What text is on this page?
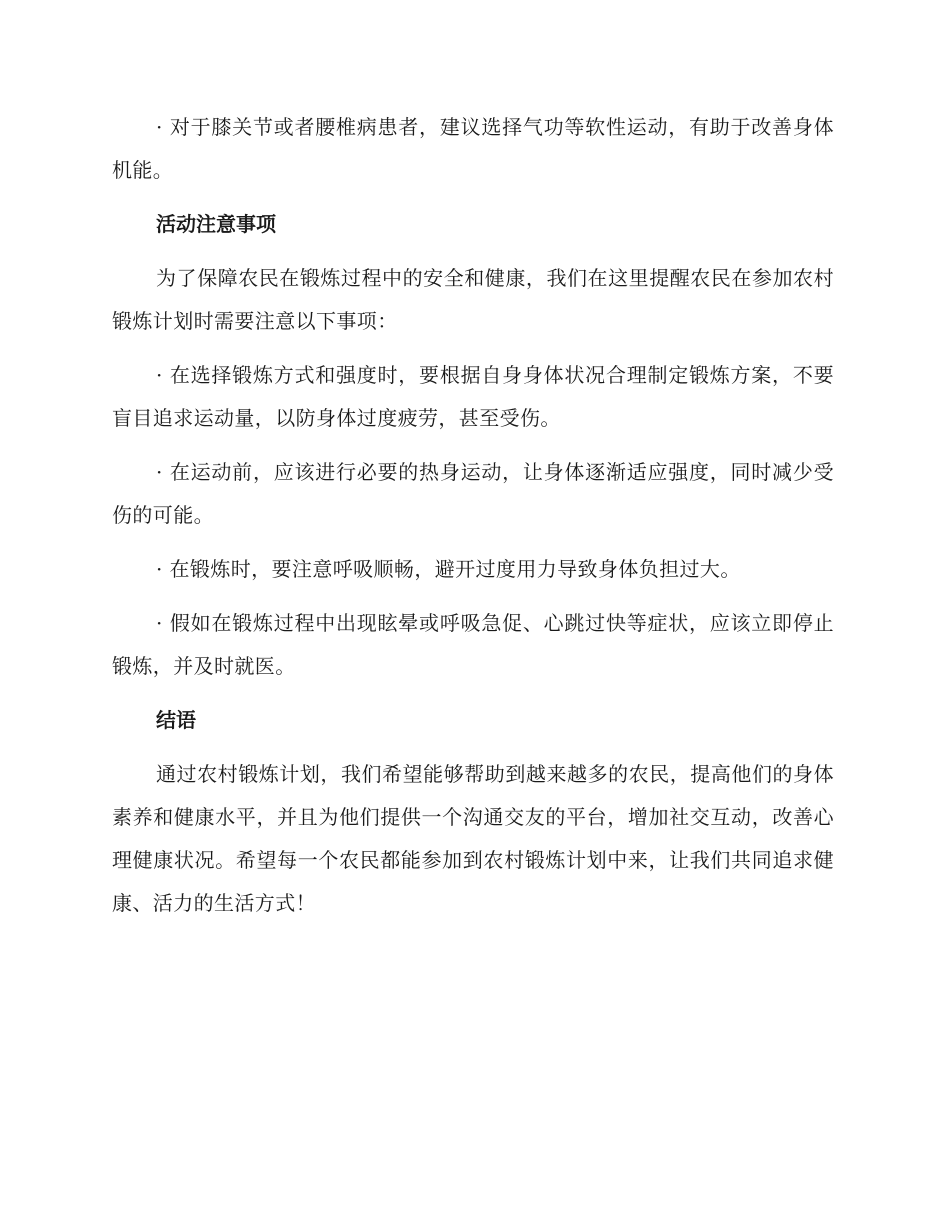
· 对于膝关节或者腰椎病患者，建议选择气功等软性运动，有助于改善身体机能。

活动注意事项

为了保障农民在锻炼过程中的安全和健康，我们在这里提醒农民在参加农村锻炼计划时需要注意以下事项：

· 在选择锻炼方式和强度时，要根据自身身体状况合理制定锻炼方案，不要盲目追求运动量，以防身体过度疲劳，甚至受伤。

· 在运动前，应该进行必要的热身运动，让身体逐渐适应强度，同时减少受伤的可能。

· 在锻炼时，要注意呼吸顺畅，避开过度用力导致身体负担过大。

· 假如在锻炼过程中出现眩晕或呼吸急促、心跳过快等症状，应该立即停止锻炼，并及时就医。

结语

通过农村锻炼计划，我们希望能够帮助到越来越多的农民，提高他们的身体素养和健康水平，并且为他们提供一个沟通交友的平台，增加社交互动，改善心理健康状况。希望每一个农民都能参加到农村锻炼计划中来，让我们共同追求健康、活力的生活方式！
